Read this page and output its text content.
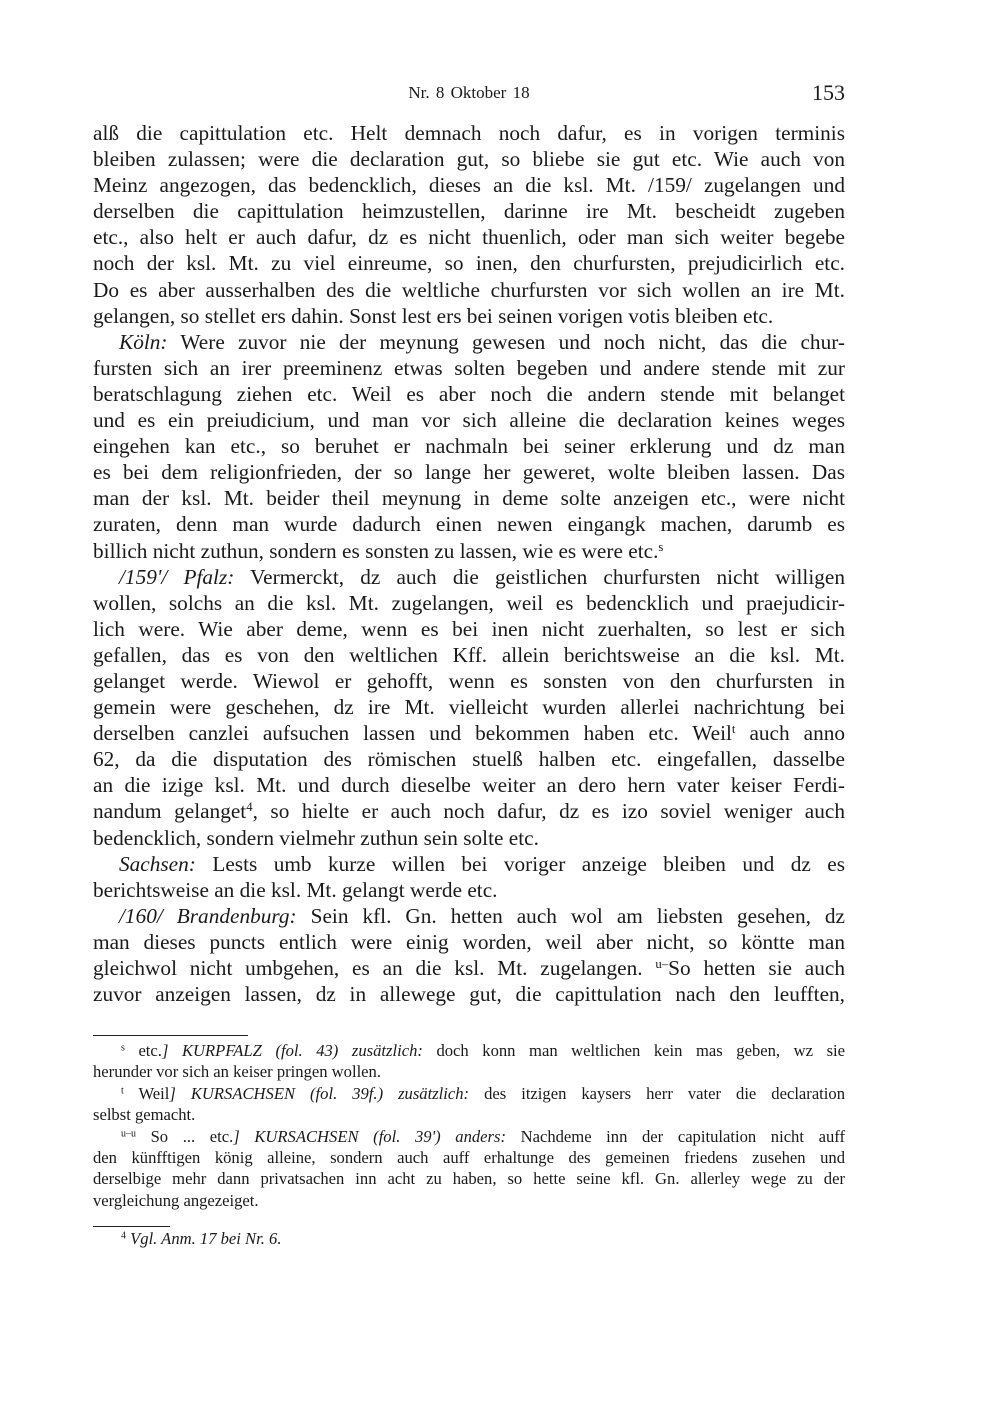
Nr. 8 Oktober 18	153
alß die capittulation etc. Helt demnach noch dafur, es in vorigen terminis
bleiben zulassen; were die declaration gut, so bliebe sie gut etc. Wie auch von
Meinz angezogen, das bedencklich, dieses an die ksl. Mt. /159/ zugelangen und
derselben die capittulation heimzustellen, darinne ire Mt. bescheidt zugeben
etc., also helt er auch dafur, dz es nicht thuenlich, oder man sich weiter begebe
noch der ksl. Mt. zu viel einreume, so inen, den churfursten, prejudicirlich etc.
Do es aber ausserhalben des die weltliche churfursten vor sich wollen an ire Mt.
gelangen, so stellet ers dahin. Sonst lest ers bei seinen vorigen votis bleiben etc.
Köln: Were zuvor nie der meynung gewesen und noch nicht, das die chur-
fursten sich an irer preeminenz etwas solten begeben und andere stende mit zur
beratschlagung ziehen etc. Weil es aber noch die andern stende mit belanget
und es ein preiudicium, und man vor sich alleine die declaration keines weges
eingehen kan etc., so beruhet er nachmaln bei seiner erklerung und dz man
es bei dem religionfrieden, der so lange her geweret, wolte bleiben lassen. Das
man der ksl. Mt. beider theil meynung in deme solte anzeigen etc., were nicht
zuraten, denn man wurde dadurch einen newen eingangk machen, darumb es
billich nicht zuthun, sondern es sonsten zu lassen, wie es were etc.$^s$
/159'/ Pfalz: Vermerckt, dz auch die geistlichen churfursten nicht willigen
wollen, solchs an die ksl. Mt. zugelangen, weil es bedencklich und praejudicir-
lich were. Wie aber deme, wenn es bei inen nicht zuerhalten, so lest er sich
gefallen, das es von den weltlichen Kff. allein berichtsweise an die ksl. Mt.
gelanget werde. Wiewol er gehofft, wenn es sonsten von den churfursten in
gemein were geschehen, dz ire Mt. vielleicht wurden allerlei nachrichtung bei
derselben canzlei aufsuchen lassen und bekommen haben etc. Weil$^t$ auch anno
62, da die disputation des römischen stuelß halben etc. eingefallen, dasselbe
an die izige ksl. Mt. und durch dieselbe weiter an dero hern vater keiser Ferdi-
nandum gelanget$^4$, so hielte er auch noch dafur, dz es izo soviel weniger auch
bedencklich, sondern vielmehr zuthun sein solte etc.
Sachsen: Lests umb kurze willen bei voriger anzeige bleiben und dz es
berichtsweise an die ksl. Mt. gelangt werde etc.
/160/ Brandenburg: Sein kfl. Gn. hetten auch wol am liebsten gesehen, dz
man dieses puncts entlich were einig worden, weil aber nicht, so köntte man
gleichwol nicht umbgehen, es an die ksl. Mt. zugelangen. $^{u-}$So hetten sie auch
zuvor anzeigen lassen, dz in allewege gut, die capittulation nach den leufften,
$^s$ etc.] KURPFALZ (fol. 43) zusätzlich: doch konn man weltlichen kein mas geben, wz sie
herunder vor sich an keiser pringen wollen.
$^t$ Weil] KURSACHSEN (fol. 39f.) zusätzlich: des itzigen kaysers herr vater die declaration
selbst gemacht.
$^{u-u}$ So ... etc.] KURSACHSEN (fol. 39') anders: Nachdeme inn der capitulation nicht auff
den künfftigen könig alleine, sondern auch auff erhaltunge des gemeinen friedens zusehen und
derselbige mehr dann privatsachen inn acht zu haben, so hette seine kfl. Gn. allerley wege zu der
vergleichung angezeiget.
$^4$ Vgl. Anm. 17 bei Nr. 6.
